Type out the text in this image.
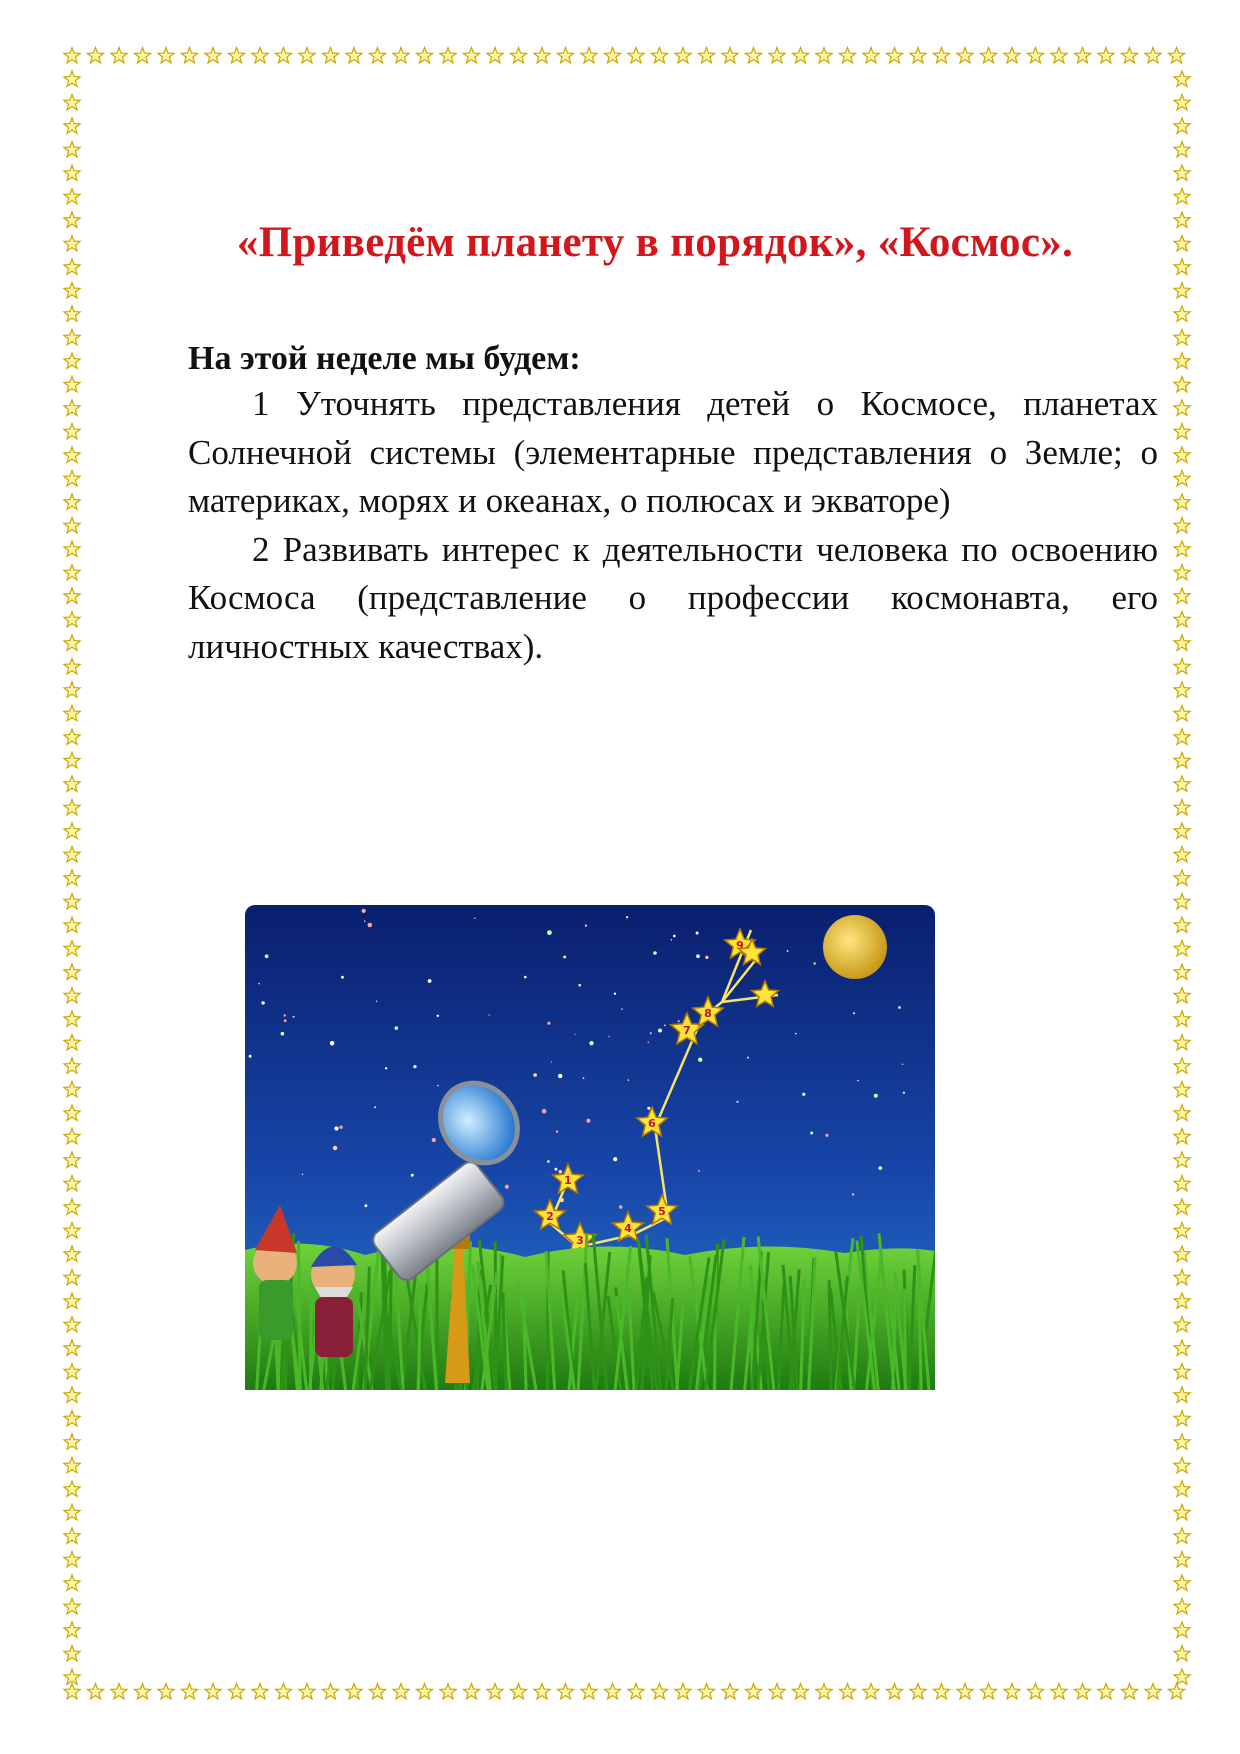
«Приведём планету в порядок», «Космос».

На этой неделе мы будем:

1 Уточнять представления детей о Космосе, планетах Солнечной системы (элементарные представления о Земле; о материках, морях и океанах, о полюсах и экваторе)

2 Развивать интерес к деятельности человека по освоению Космоса (представление о профессии космонавта, его личностных качествах).

1
2
3
4
5
6
7
8
9
